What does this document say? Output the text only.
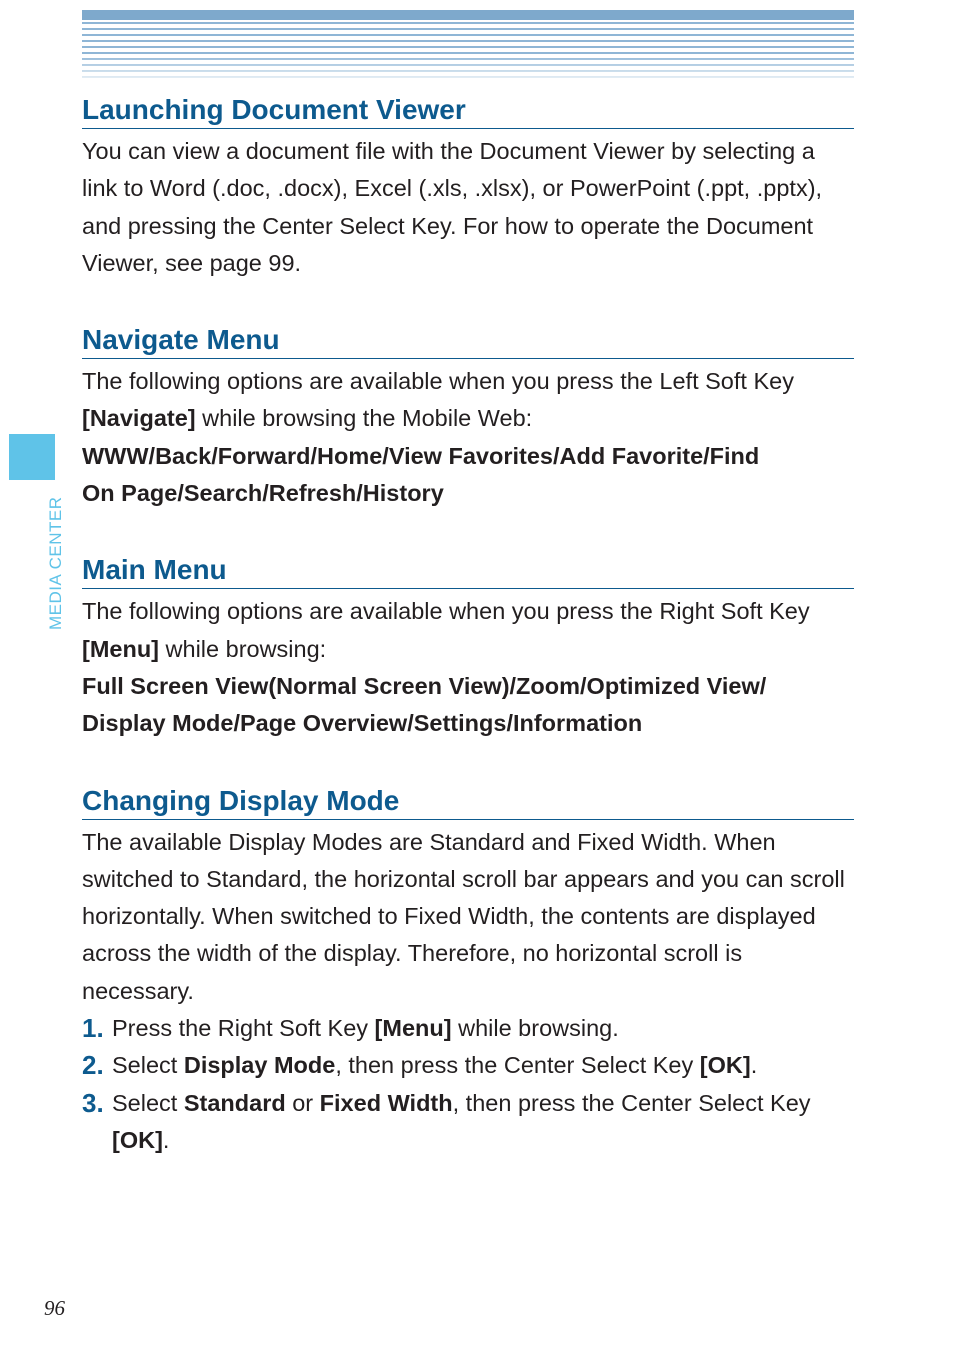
MEDIA CENTER
Launching Document Viewer

You can view a document file with the Document Viewer by selecting a link to Word (.doc, .docx), Excel (.xls, .xlsx), or PowerPoint (.ppt, .pptx), and pressing the Center Select Key. For how to operate the Document Viewer, see page 99.

Navigate Menu

The following options are available when you press the Left Soft Key [Navigate] while browsing the Mobile Web:

WWW/Back/Forward/Home/View Favorites/Add Favorite/Find

On Page/Search/Refresh/History

Main Menu

The following options are available when you press the Right Soft Key [Menu] while browsing:

Full Screen View(Normal Screen View)/Zoom/Optimized View/

Display Mode/Page Overview/Settings/Information

Changing Display Mode

The available Display Modes are Standard and Fixed Width. When switched to Standard, the horizontal scroll bar appears and you can scroll horizontally. When switched to Fixed Width, the contents are displayed across the width of the display. Therefore, no horizontal scroll is necessary.

1. Press the Right Soft Key [Menu] while browsing.
2. Select Display Mode, then press the Center Select Key [OK].
3. Select Standard or Fixed Width, then press the Center Select Key [OK].
96
